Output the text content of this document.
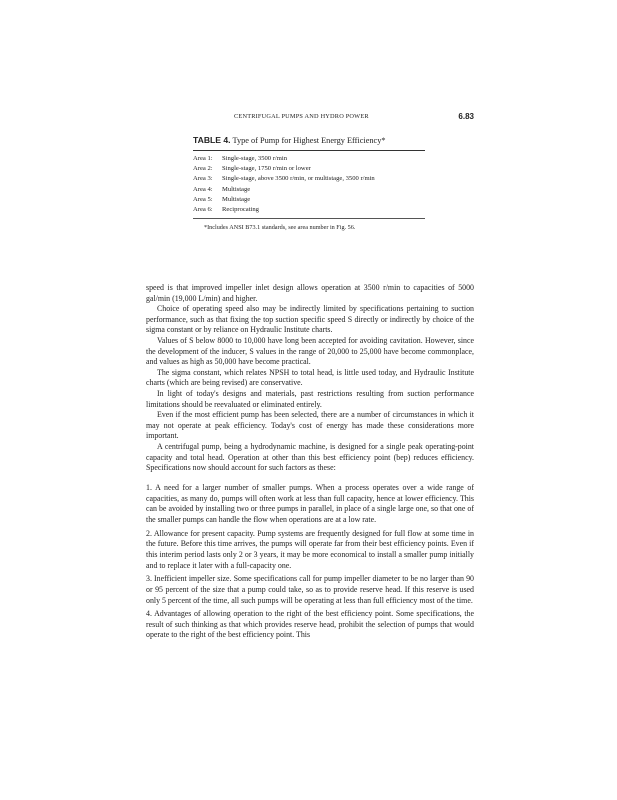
CENTRIFUGAL PUMPS AND HYDRO POWER	6.83
TABLE 4. Type of Pump for Highest Energy Efficiency*
Area 1: Single-stage, 3500 r/min
Area 2: Single-stage, 1750 r/min or lower
Area 3: Single-stage, above 3500 r/min, or multistage, 3500 r/min
Area 4: Multistage
Area 5: Multistage
Area 6: Reciprocating
*Includes ANSI B73.1 standards, see area number in Fig. 56.

speed is that improved impeller inlet design allows operation at 3500 r/min to capacities of 5000 gal/min (19,000 L/min) and higher.

Choice of operating speed also may be indirectly limited by specifications pertaining to suction performance, such as that fixing the top suction specific speed S directly or indirectly by choice of the sigma constant or by reliance on Hydraulic Institute charts.

Values of S below 8000 to 10,000 have long been accepted for avoiding cavitation. However, since the development of the inducer, S values in the range of 20,000 to 25,000 have become commonplace, and values as high as 50,000 have become practical.

The sigma constant, which relates NPSH to total head, is little used today, and Hydraulic Institute charts (which are being revised) are conservative.

In light of today's designs and materials, past restrictions resulting from suction performance limitations should be reevaluated or eliminated entirely.

Even if the most efficient pump has been selected, there are a number of circumstances in which it may not operate at peak efficiency. Today's cost of energy has made these considerations more important.

A centrifugal pump, being a hydrodynamic machine, is designed for a single peak operating-point capacity and total head. Operation at other than this best efficiency point (bep) reduces efficiency. Specifications now should account for such factors as these:

1. A need for a larger number of smaller pumps. When a process operates over a wide range of capacities, as many do, pumps will often work at less than full capacity, hence at lower efficiency. This can be avoided by installing two or three pumps in parallel, in place of a single large one, so that one of the smaller pumps can handle the flow when operations are at a low rate.

2. Allowance for present capacity. Pump systems are frequently designed for full flow at some time in the future. Before this time arrives, the pumps will operate far from their best efficiency points. Even if this interim period lasts only 2 or 3 years, it may be more economical to install a smaller pump initially and to replace it later with a full-capacity one.

3. Inefficient impeller size. Some specifications call for pump impeller diameter to be no larger than 90 or 95 percent of the size that a pump could take, so as to provide reserve head. If this reserve is used only 5 percent of the time, all such pumps will be operating at less than full efficiency most of the time.

4. Advantages of allowing operation to the right of the best efficiency point. Some specifications, the result of such thinking as that which provides reserve head, prohibit the selection of pumps that would operate to the right of the best efficiency point. This
